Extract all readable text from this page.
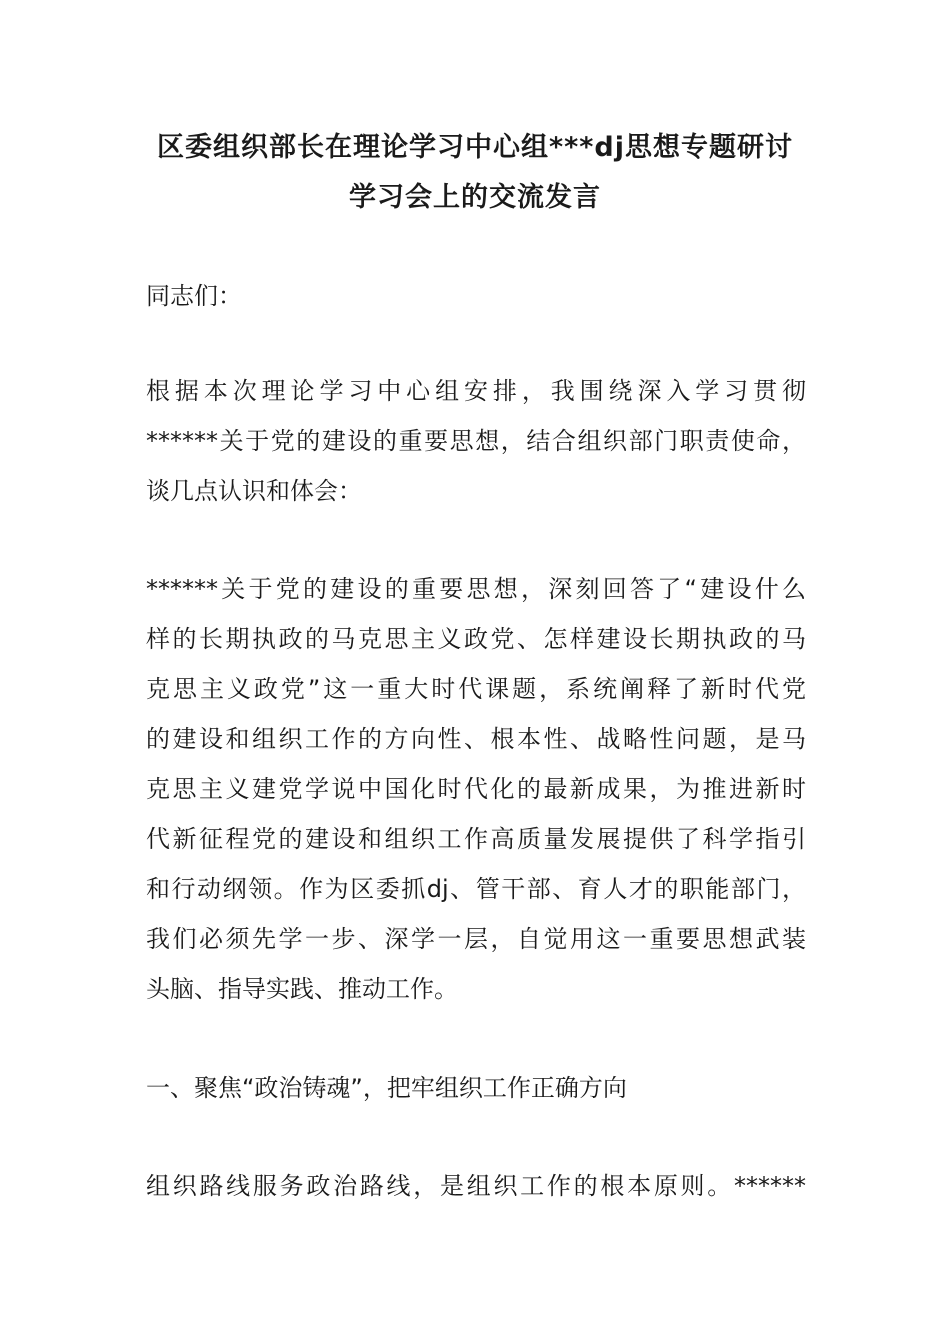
区委组织部长在理论学习中心组***dj思想专题研讨
学习会上的交流发言
同志们：
根据本次理论学习中心组安排，我围绕深入学习贯彻
******关于党的建设的重要思想，结合组织部门职责使命，
谈几点认识和体会：
******关于党的建设的重要思想，深刻回答了“建设什么
样的长期执政的马克思主义政党、怎样建设长期执政的马
克思主义政党”这一重大时代课题，系统阐释了新时代党
的建设和组织工作的方向性、根本性、战略性问题，是马
克思主义建党学说中国化时代化的最新成果，为推进新时
代新征程党的建设和组织工作高质量发展提供了科学指引
和行动纲领。作为区委抓dj、管干部、育人才的职能部门，
我们必须先学一步、深学一层，自觉用这一重要思想武装
头脑、指导实践、推动工作。
一、聚焦“政治铸魂”，把牢组织工作正确方向
组织路线服务政治路线，是组织工作的根本原则。******
